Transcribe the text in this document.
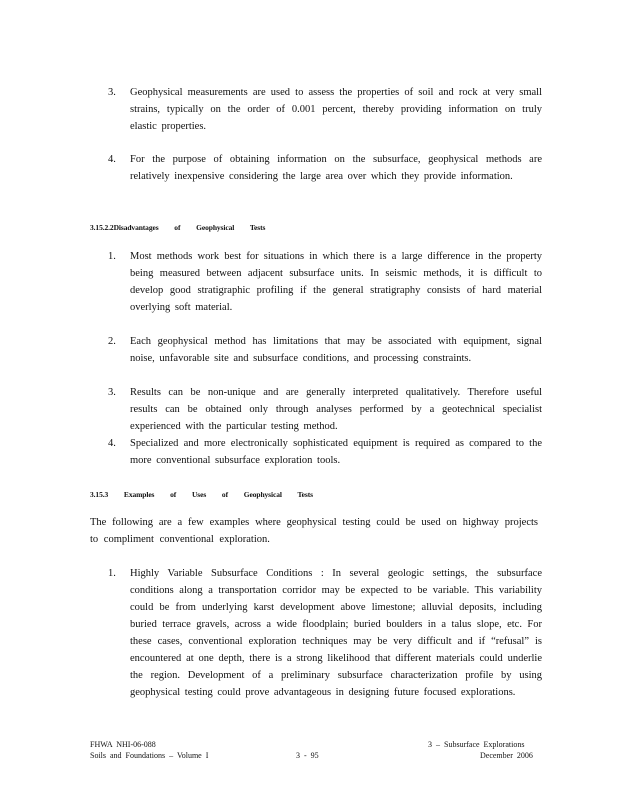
3. Geophysical measurements are used to assess the properties of soil and rock at very small strains, typically on the order of 0.001 percent, thereby providing information on truly elastic properties.
4. For the purpose of obtaining information on the subsurface, geophysical methods are relatively inexpensive considering the large area over which they provide information.
3.15.2.2Disadvantages of Geophysical Tests
1. Most methods work best for situations in which there is a large difference in the property being measured between adjacent subsurface units. In seismic methods, it is difficult to develop good stratigraphic profiling if the general stratigraphy consists of hard material overlying soft material.
2. Each geophysical method has limitations that may be associated with equipment, signal noise, unfavorable site and subsurface conditions, and processing constraints.
3. Results can be non-unique and are generally interpreted qualitatively. Therefore useful results can be obtained only through analyses performed by a geotechnical specialist experienced with the particular testing method.
4. Specialized and more electronically sophisticated equipment is required as compared to the more conventional subsurface exploration tools.
3.15.3 Examples of Uses of Geophysical Tests
The following are a few examples where geophysical testing could be used on highway projects to compliment conventional exploration.
1. Highly Variable Subsurface Conditions : In several geologic settings, the subsurface conditions along a transportation corridor may be expected to be variable. This variability could be from underlying karst development above limestone; alluvial deposits, including buried terrace gravels, across a wide floodplain; buried boulders in a talus slope, etc. For these cases, conventional exploration techniques may be very difficult and if “refusal” is encountered at one depth, there is a strong likelihood that different materials could underlie the region. Development of a preliminary subsurface characterization profile by using geophysical testing could prove advantageous in designing future focused explorations.
FHWA NHI-06-088
Soils and Foundations – Volume I	3 - 95
3 – Subsurface Explorations
December 2006
